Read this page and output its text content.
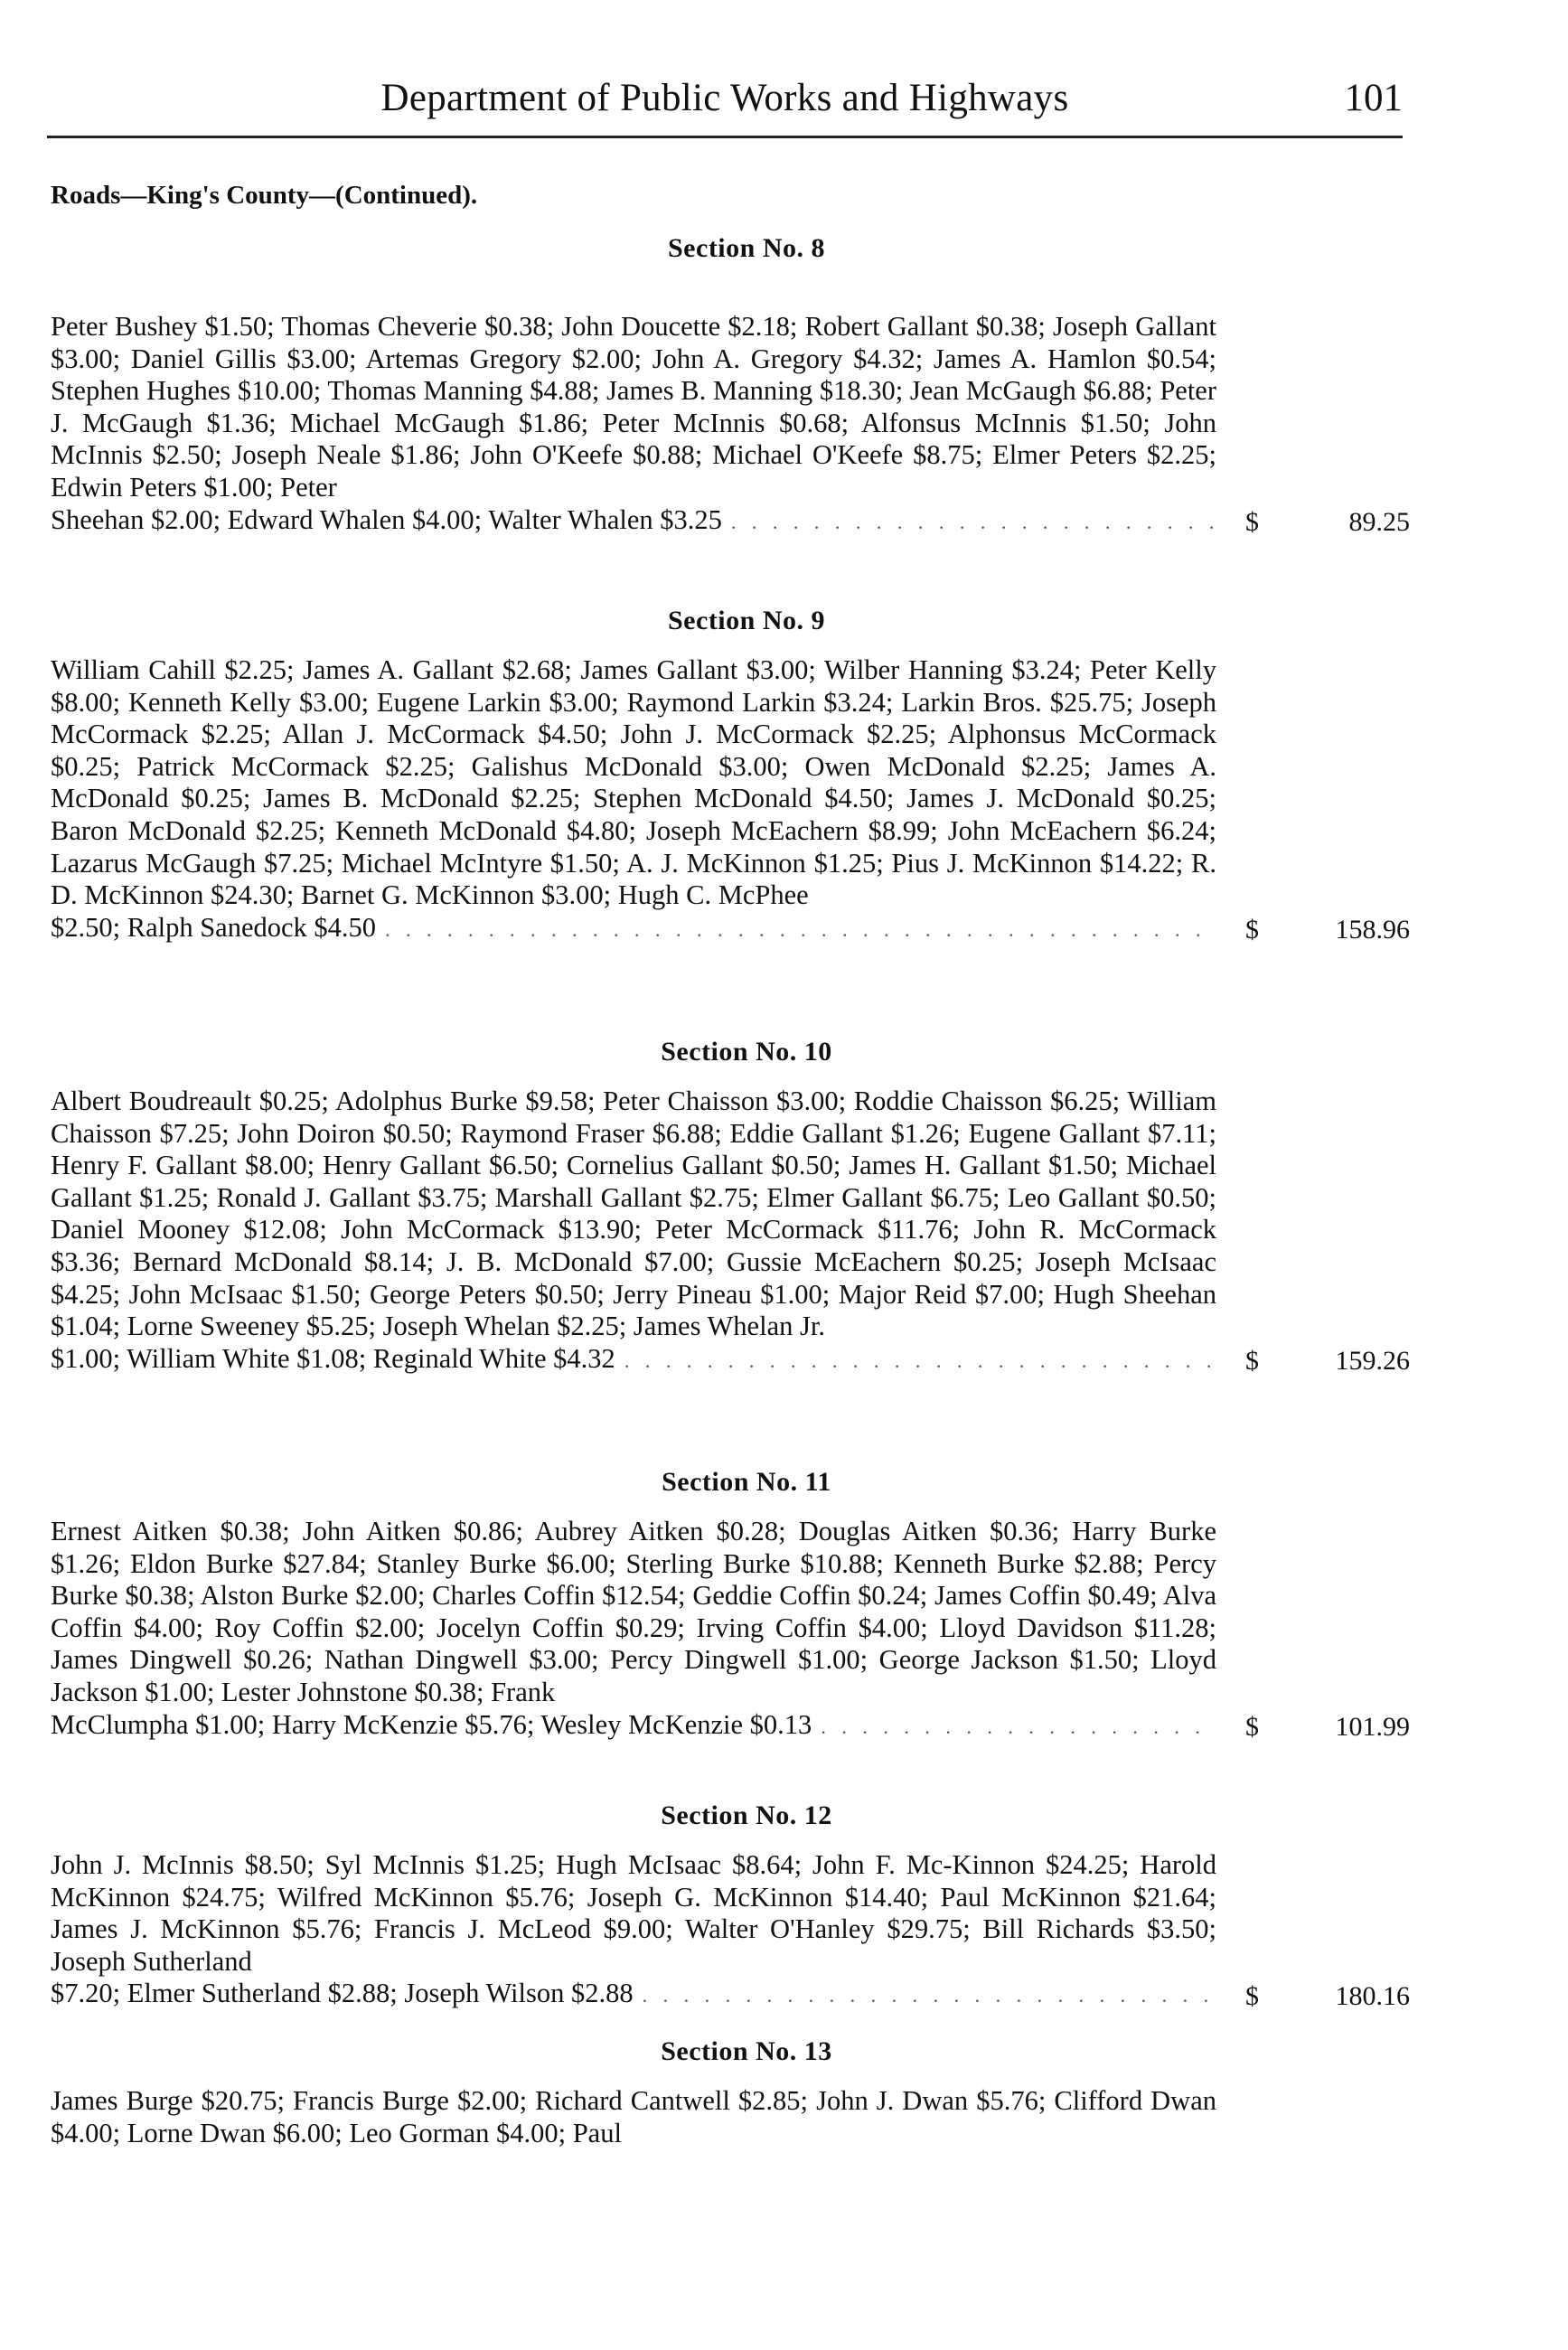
Department of Public Works and Highways	101
Roads—King's County—(Continued).
Section No. 8
Peter Bushey $1.50; Thomas Cheverie $0.38; John Doucette $2.18; Robert Gallant $0.38; Joseph Gallant $3.00; Daniel Gillis $3.00; Artemas Gregory $2.00; John A. Gregory $4.32; James A. Hamlon $0.54; Stephen Hughes $10.00; Thomas Manning $4.88; James B. Manning $18.30; Jean McGaugh $6.88; Peter J. McGaugh $1.36; Michael McGaugh $1.86; Peter McInnis $0.68; Alfonsus McInnis $1.50; John McInnis $2.50; Joseph Neale $1.86; John O'Keefe $0.88; Michael O'Keefe $8.75; Elmer Peters $2.25; Edwin Peters $1.00; Peter
Sheehan $2.00; Edward Whalen $4.00; Walter Whalen $3.25 . . .	$	89.25
Section No. 9
William Cahill $2.25; James A. Gallant $2.68; James Gallant $3.00; Wilber Hanning $3.24; Peter Kelly $8.00; Kenneth Kelly $3.00; Eugene Larkin $3.00; Raymond Larkin $3.24; Larkin Bros. $25.75; Joseph McCormack $2.25; Allan J. McCormack $4.50; John J. McCormack $2.25; Alphonsus McCormack $0.25; Patrick McCormack $2.25; Galishus McDonald $3.00; Owen McDonald $2.25; James A. McDonald $0.25; James B. McDonald $2.25; Stephen McDonald $4.50; James J. McDonald $0.25; Baron McDonald $2.25; Kenneth McDonald $4.80; Joseph McEachern $8.99; John McEachern $6.24; Lazarus McGaugh $7.25; Michael McIntyre $1.50; A. J. McKinnon $1.25; Pius J. McKinnon $14.22; R. D. McKinnon $24.30; Barnet G. McKinnon $3.00; Hugh C. McPhee
$2.50; Ralph Sanedock $4.50 . . .	$	158.96
Section No. 10
Albert Boudreault $0.25; Adolphus Burke $9.58; Peter Chaisson $3.00; Roddie Chaisson $6.25; William Chaisson $7.25; John Doiron $0.50; Raymond Fraser $6.88; Eddie Gallant $1.26; Eugene Gallant $7.11; Henry F. Gallant $8.00; Henry Gallant $6.50; Cornelius Gallant $0.50; James H. Gallant $1.50; Michael Gallant $1.25; Ronald J. Gallant $3.75; Marshall Gallant $2.75; Elmer Gallant $6.75; Leo Gallant $0.50; Daniel Mooney $12.08; John McCormack $13.90; Peter McCormack $11.76; John R. McCormack $3.36; Bernard McDonald $8.14; J. B. McDonald $7.00; Gussie McEachern $0.25; Joseph McIsaac $4.25; John McIsaac $1.50; George Peters $0.50; Jerry Pineau $1.00; Major Reid $7.00; Hugh Sheehan $1.04; Lorne Sweeney $5.25; Joseph Whelan $2.25; James Whelan Jr.
$1.00; William White $1.08; Reginald White $4.32 . . .	$	159.26
Section No. 11
Ernest Aitken $0.38; John Aitken $0.86; Aubrey Aitken $0.28; Douglas Aitken $0.36; Harry Burke $1.26; Eldon Burke $27.84; Stanley Burke $6.00; Sterling Burke $10.88; Kenneth Burke $2.88; Percy Burke $0.38; Alston Burke $2.00; Charles Coffin $12.54; Geddie Coffin $0.24; James Coffin $0.49; Alva Coffin $4.00; Roy Coffin $2.00; Jocelyn Coffin $0.29; Irving Coffin $4.00; Lloyd Davidson $11.28; James Dingwell $0.26; Nathan Dingwell $3.00; Percy Dingwell $1.00; George Jackson $1.50; Lloyd Jackson $1.00; Lester Johnstone $0.38; Frank
McClumpha $1.00; Harry McKenzie $5.76; Wesley McKenzie $0.13 . . .	$	101.99
Section No. 12
John J. McInnis $8.50; Syl McInnis $1.25; Hugh McIsaac $8.64; John F. Mc-Kinnon $24.25; Harold McKinnon $24.75; Wilfred McKinnon $5.76; Joseph G. McKinnon $14.40; Paul McKinnon $21.64; James J. McKinnon $5.76; Francis J. McLeod $9.00; Walter O'Hanley $29.75; Bill Richards $3.50; Joseph Sutherland
$7.20; Elmer Sutherland $2.88; Joseph Wilson $2.88 . . .	$	180.16
Section No. 13
James Burge $20.75; Francis Burge $2.00; Richard Cantwell $2.85; John J. Dwan $5.76; Clifford Dwan $4.00; Lorne Dwan $6.00; Leo Gorman $4.00; Paul
